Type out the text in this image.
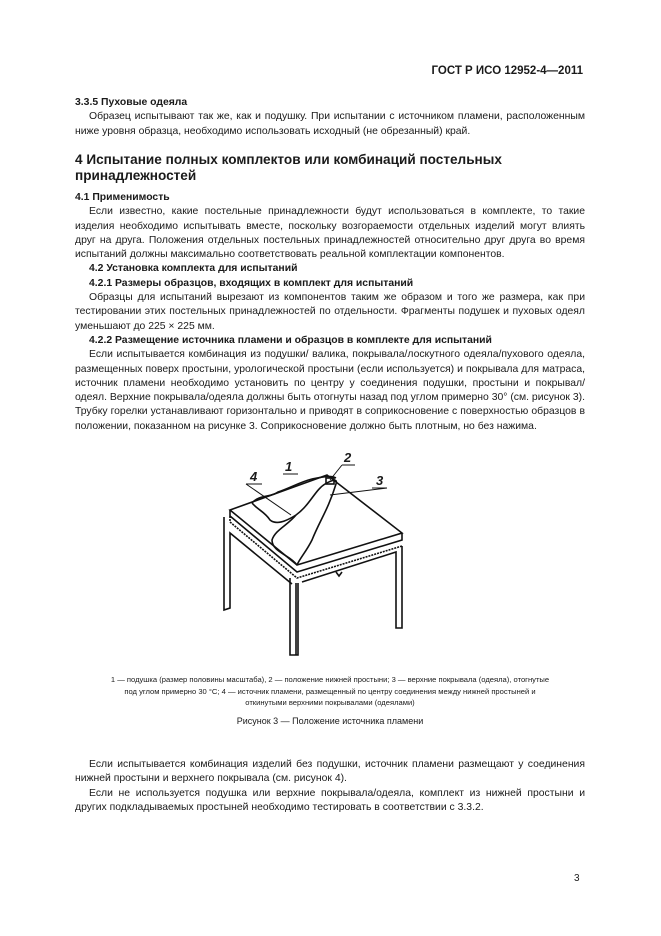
ГОСТ Р ИСО 12952-4—2011

3.3.5 Пуховые одеяла

Образец испытывают так же, как и подушку. При испытании с источником пламени, расположенным ниже уровня образца, необходимо использовать исходный (не обрезанный) край.

4 Испытание полных комплектов или комбинаций постельных принадлежностей

4.1 Применимость

Если известно, какие постельные принадлежности будут использоваться в комплекте, то такие изделия необходимо испытывать вместе, поскольку возгораемости отдельных изделий могут влиять друг на друга. Положения отдельных постельных принадлежностей относительно друг друга во время испытаний должны максимально соответствовать реальной комплектации компонентов.

4.2 Установка комплекта для испытаний

4.2.1 Размеры образцов, входящих в комплект для испытаний

Образцы для испытаний вырезают из компонентов таким же образом и того же размера, как при тестировании этих постельных принадлежностей по отдельности. Фрагменты подушек и пуховых одеял уменьшают до 225 × 225 мм.

4.2.2 Размещение источника пламени и образцов в комплекте для испытаний

Если испытывается комбинация из подушки/ валика, покрывала/лоскутного одеяла/пухового одеяла, размещенных поверх простыни, урологической простыни (если используется) и покрывала для матраса, источник пламени необходимо установить по центру у соединения подушки, простыни и покрывал/одеял. Верхние покрывала/одеяла должны быть отогнуты назад под углом примерно 30° (см. рисунок 3). Трубку горелки устанавливают горизонтально и приводят в соприкосновение с поверхностью образцов в положении, показанном на рисунке 3. Соприкосновение должно быть плотным, но без нажима.

1
2
3
4
1 — подушка (размер половины масштаба), 2 — положение нижней простыни; 3 — верхние покрывала (одеяла), отогнутые под углом примерно 30 °С; 4 — источник пламени, размещенный по центру соединения между нижней простыней и откинутыми верхними покрывалами (одеялами)
Рисунок 3 — Положение источника пламени

Если испытывается комбинация изделий без подушки, источник пламени размещают у соединения нижней простыни и верхнего покрывала (см. рисунок 4).

Если не используется подушка или верхние покрывала/одеяла, комплект из нижней простыни и других подкладываемых простыней необходимо тестировать в соответствии с 3.3.2.

3
